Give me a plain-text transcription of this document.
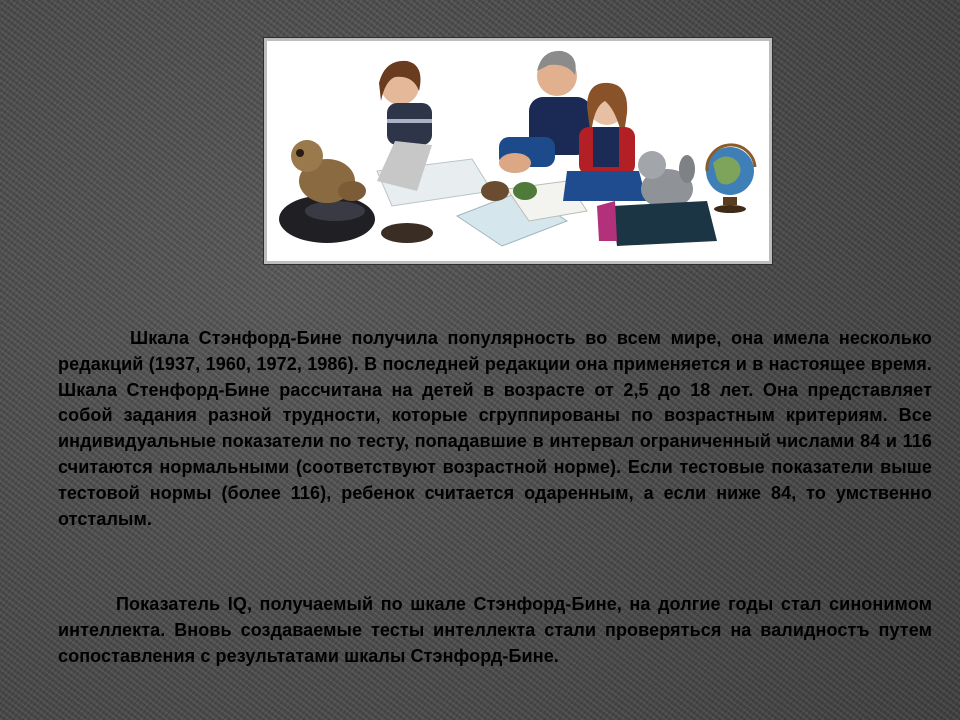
Шкала Стэнфорд-Бине получила популярность во всем мире, она имела несколько редакций (1937, 1960, 1972, 1986). В последней редакции она применяется и в настоящее время. Шкала Стенфорд-Бине рассчитана на детей в возрасте от 2,5 до 18 лет. Она представляет собой задания разной трудности, которые сгруппированы по возрастным критериям. Все индивидуальные показатели по тесту, попадавшие в интервал ограниченный числами 84 и 116 считаются нормальными (соответствуют возрастной норме). Если тестовые показатели выше тестовой нормы (более 116), ребенок считается одаренным, а если ниже 84, то умственно отсталым.

Показатель IQ, получаемый по шкале Стэнфорд-Бине, на долгие годы стал синонимом интеллекта. Вновь создаваемые тесты интеллекта стали проверяться на валидностъ путем сопоставления с результатами шкалы Стэнфорд-Бине.
